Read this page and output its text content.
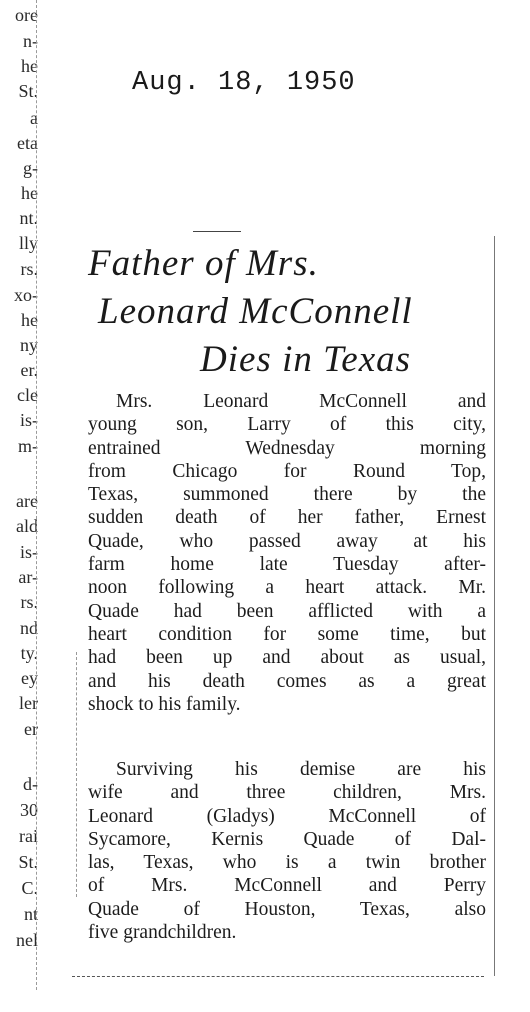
ore
n-
he
St.
a
eta
g-
he
nt.
lly
rs.
xo-
he
ny
er.
cle
is-
m-
are
ald
is-
ar-
rs.
nd
ty.
ey
ler
er
d-
30
rai
St.
C.
nt
nel
Aug. 18, 1950
Father of Mrs.
Leonard McConnell
Dies in Texas
Mrs. Leonard McConnell and
young son, Larry of this city,
entrained Wednesday morning
from Chicago for Round Top,
Texas, summoned there by the
sudden death of her father, Ernest
Quade, who passed away at his
farm home late Tuesday after-
noon following a heart attack. Mr.
Quade had been afflicted with a
heart condition for some time, but
had been up and about as usual,
and his death comes as a great
shock to his family.
Surviving his demise are his
wife and three children, Mrs.
Leonard (Gladys) McConnell of
Sycamore, Kernis Quade of Dal-
las, Texas, who is a twin brother
of Mrs. McConnell and Perry
Quade of Houston, Texas, also
five grandchildren.
